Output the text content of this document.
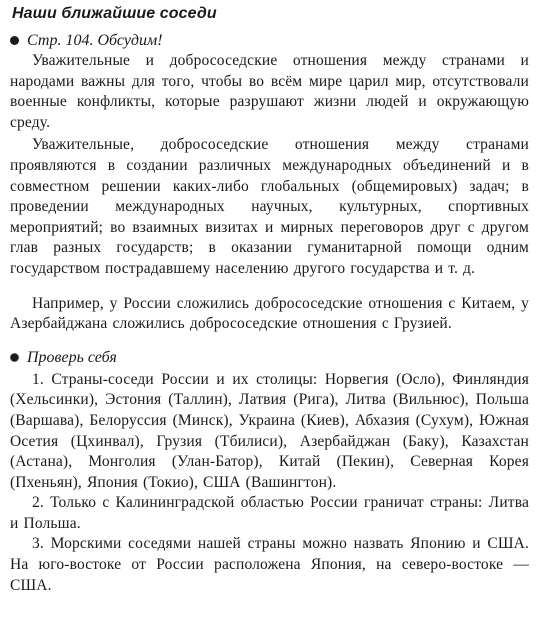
Наши ближайшие соседи
Стр. 104. Обсудим!

Уважительные и добрососедские отношения между странами и народами важны для того, чтобы во всём мире царил мир, отсутствовали военные конфликты, которые разрушают жизни людей и окружающую среду.

Уважительные, добрососедские отношения между странами проявляются в создании различных международных объединений и в совместном решении каких-либо глобальных (общемировых) задач; в проведении международных научных, культурных, спортивных мероприятий; во взаимных визитах и мирных переговоров друг с другом глав разных государств; в оказании гуманитарной помощи одним государством пострадавшему населению другого государства и т. д.

Например, у России сложились добрососедские отношения с Китаем, у Азербайджана сложились добрососедские отношения с Грузией.

Проверь себя

1. Страны-соседи России и их столицы: Норвегия (Осло), Финляндия (Хельсинки), Эстония (Таллин), Латвия (Рига), Литва (Вильнюс), Польша (Варшава), Белоруссия (Минск), Украина (Киев), Абхазия (Сухум), Южная Осетия (Цхинвал), Грузия (Тбилиси), Азербайджан (Баку), Казахстан (Астана), Монголия (Улан-Батор), Китай (Пекин), Северная Корея (Пхеньян), Япония (Токио), США (Вашингтон).

2. Только с Калининградской областью России граничат страны: Литва и Польша.

3. Морскими соседями нашей страны можно назвать Японию и США. На юго-востоке от России расположена Япония, на северо-востоке — США.
